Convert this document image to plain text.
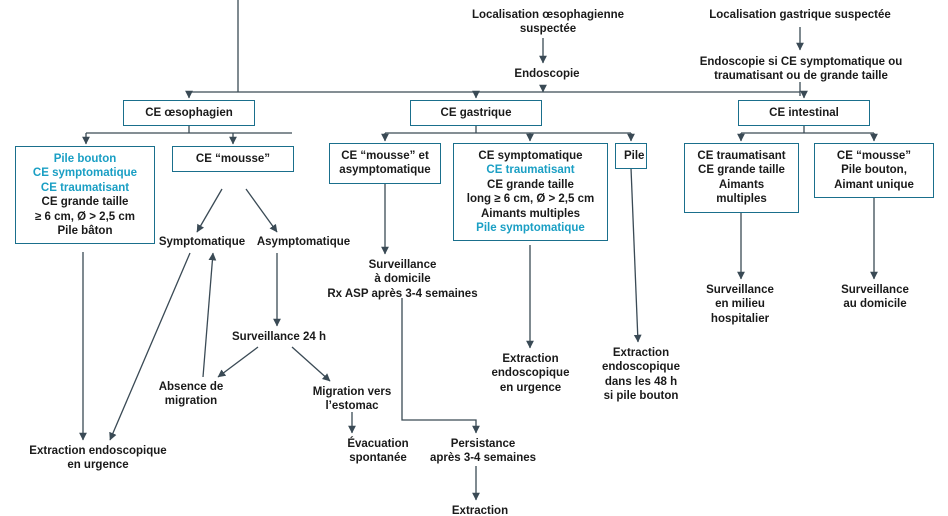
Localisation œsophagienne
suspectée
Localisation gastrique suspectée
Endoscopie
Endoscopie si CE symptomatique ou
traumatisant ou de grande taille
CE œsophagien	CE gastrique	CE intestinal
Pile bouton
CE symptomatique
CE traumatisant
CE grande taille
≥ 6 cm, Ø > 2,5 cm
Pile bâton
CE “mousse”	CE “mousse” et
asymptomatique
CE symptomatique
CE traumatisant
CE grande taille
long ≥ 6 cm, Ø > 2,5 cm
Aimants multiples
Pile symptomatique
Pile	CE traumatisant
CE grande taille
Aimants multiples
CE “mousse”
Pile bouton,
Aimant unique
Symptomatique	Asymptomatique
Surveillance
à domicile
Rx ASP après 3-4 semaines
Surveillance 24 h
Surveillance
en milieu
hospitalier
Surveillance
au domicile
Extraction
endoscopique
en urgence
Extraction
endoscopique
dans les 48 h
si pile bouton
Absence de
migration
Migration vers
l’estomac
Évacuation
spontanée
Persistance
après 3-4 semaines
Extraction endoscopique
en urgence
Extraction
